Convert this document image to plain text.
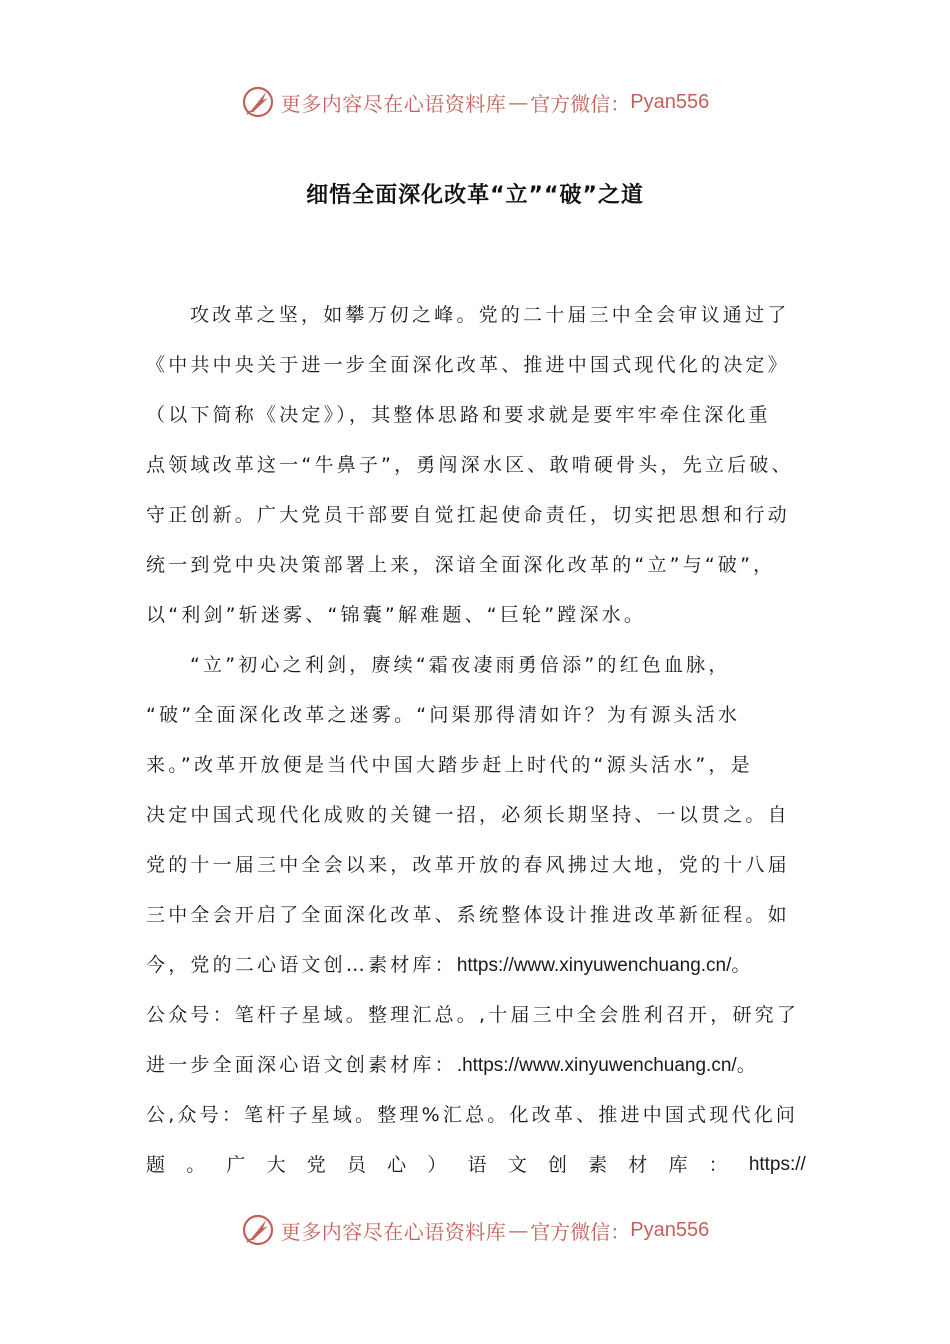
更多内容尽在心语资料库 — 官方微信： Pyan556
细悟全面深化改革“立”“破”之道
攻改革之坚，如攀万仞之峰。党的二十届三中全会审议通过了
《中共中央关于进一步全面深化改革、推进中国式现代化的决定》
（以下简称《决定》），其整体思路和要求就是要牢牢牵住深化重
点领域改革这一“牛鼻子”，勇闯深水区、敢啃硬骨头，先立后破、
守正创新。广大党员干部要自觉扛起使命责任，切实把思想和行动
统一到党中央决策部署上来，深谙全面深化改革的“立”与“破”，
以“利剑”斩迷雾、“锦囊”解难题、“巨轮”蹚深水。
“立”初心之利剑，赓续“霜夜凄雨勇倍添”的红色血脉，
“破”全面深化改革之迷雾。“问渠那得清如许？为有源头活水
来。”改革开放便是当代中国大踏步赶上时代的“源头活水”，是
决定中国式现代化成败的关键一招，必须长期坚持、一以贯之。自
党的十一届三中全会以来，改革开放的春风拂过大地，党的十八届
三中全会开启了全面深化改革、系统整体设计推进改革新征程。如
今，党的二心语文创…素材库：https://www.xinyuwenchuang.cn/。
公众号：笔杆子星域。整理汇总。,十届三中全会胜利召开，研究了
进一步全面深心语文创素材库：.https://www.xinyuwenchuang.cn/。
公,众号：笔杆子星域。整理%汇总。化改革、推进中国式现代化问
题 。 广 大 党 员 心 ） 语 文 创 素 材 库 ： https://
更多内容尽在心语资料库 — 官方微信： Pyan556
